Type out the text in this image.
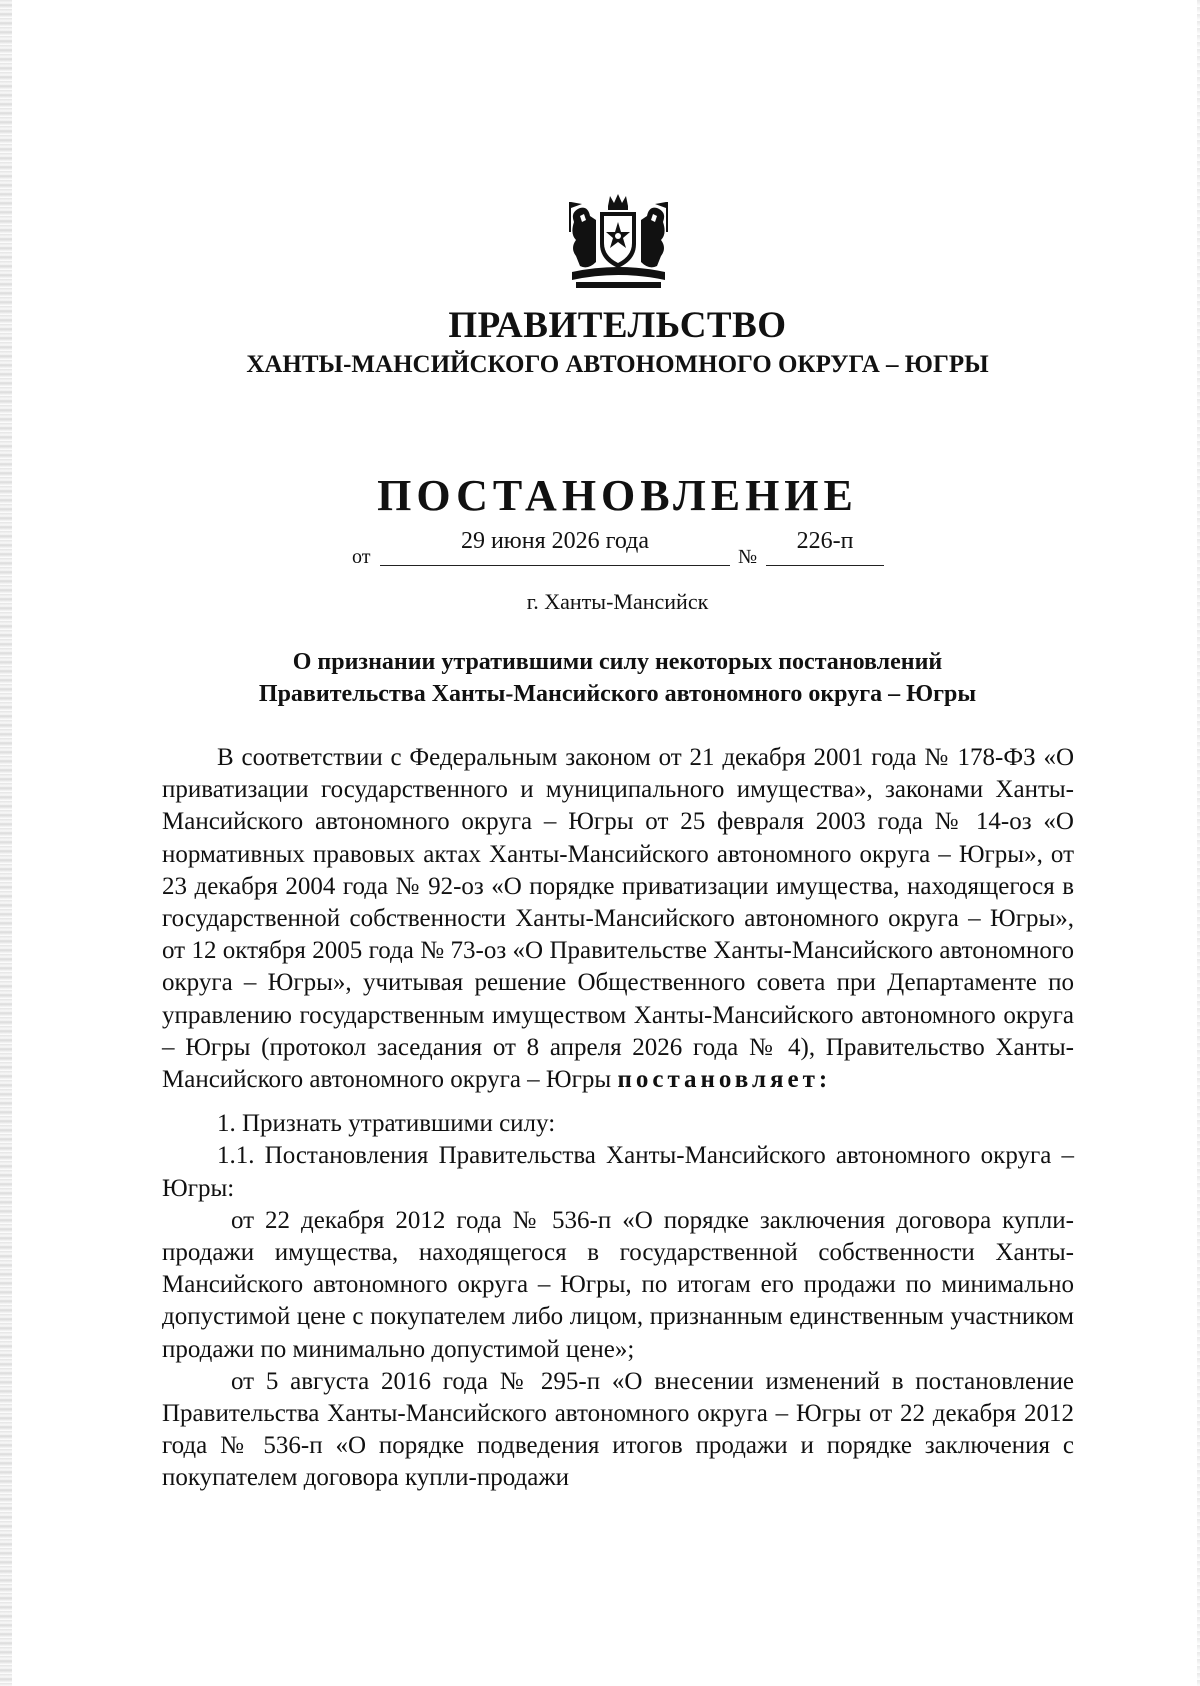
ПРАВИТЕЛЬСТВО
ХАНТЫ-МАНСИЙСКОГО АВТОНОМНОГО ОКРУГА – ЮГРЫ
ПОСТАНОВЛЕНИЕ
от
29 июня 2026 года
№
226-п
г. Ханты-Мансийск
О признании утратившими силу некоторых постановлений
Правительства Ханты-Мансийского автономного округа – Югры

В соответствии с Федеральным законом от 21 декабря 2001 года № 178-ФЗ «О приватизации государственного и муниципального имущества», законами Ханты-Мансийского автономного округа – Югры от 25 февраля 2003 года № 14-оз «О нормативных правовых актах Ханты-Мансийского автономного округа – Югры», от 23 декабря 2004 года № 92-оз «О порядке приватизации имущества, находящегося в государственной собственности Ханты-Мансийского автономного округа – Югры», от 12 октября 2005 года № 73-оз «О Правительстве Ханты-Мансийского автономного округа – Югры», учитывая решение Общественного совета при Департаменте по управлению государственным имуществом Ханты-Мансийского автономного округа – Югры (протокол заседания от 8 апреля 2026 года № 4), Правительство Ханты-Мансийского автономного округа – Югры постановляет:

1. Признать утратившими силу:

1.1. Постановления Правительства Ханты-Мансийского автономного округа – Югры:

от 22 декабря 2012 года № 536-п «О порядке заключения договора купли-продажи имущества, находящегося в государственной собственности Ханты-Мансийского автономного округа – Югры, по итогам его продажи по минимально допустимой цене с покупателем либо лицом, признанным единственным участником продажи по минимально допустимой цене»;

от 5 августа 2016 года № 295-п «О внесении изменений в постановление Правительства Ханты-Мансийского автономного округа – Югры от 22 декабря 2012 года № 536-п «О порядке подведения итогов продажи и порядке заключения с покупателем договора купли-продажи
